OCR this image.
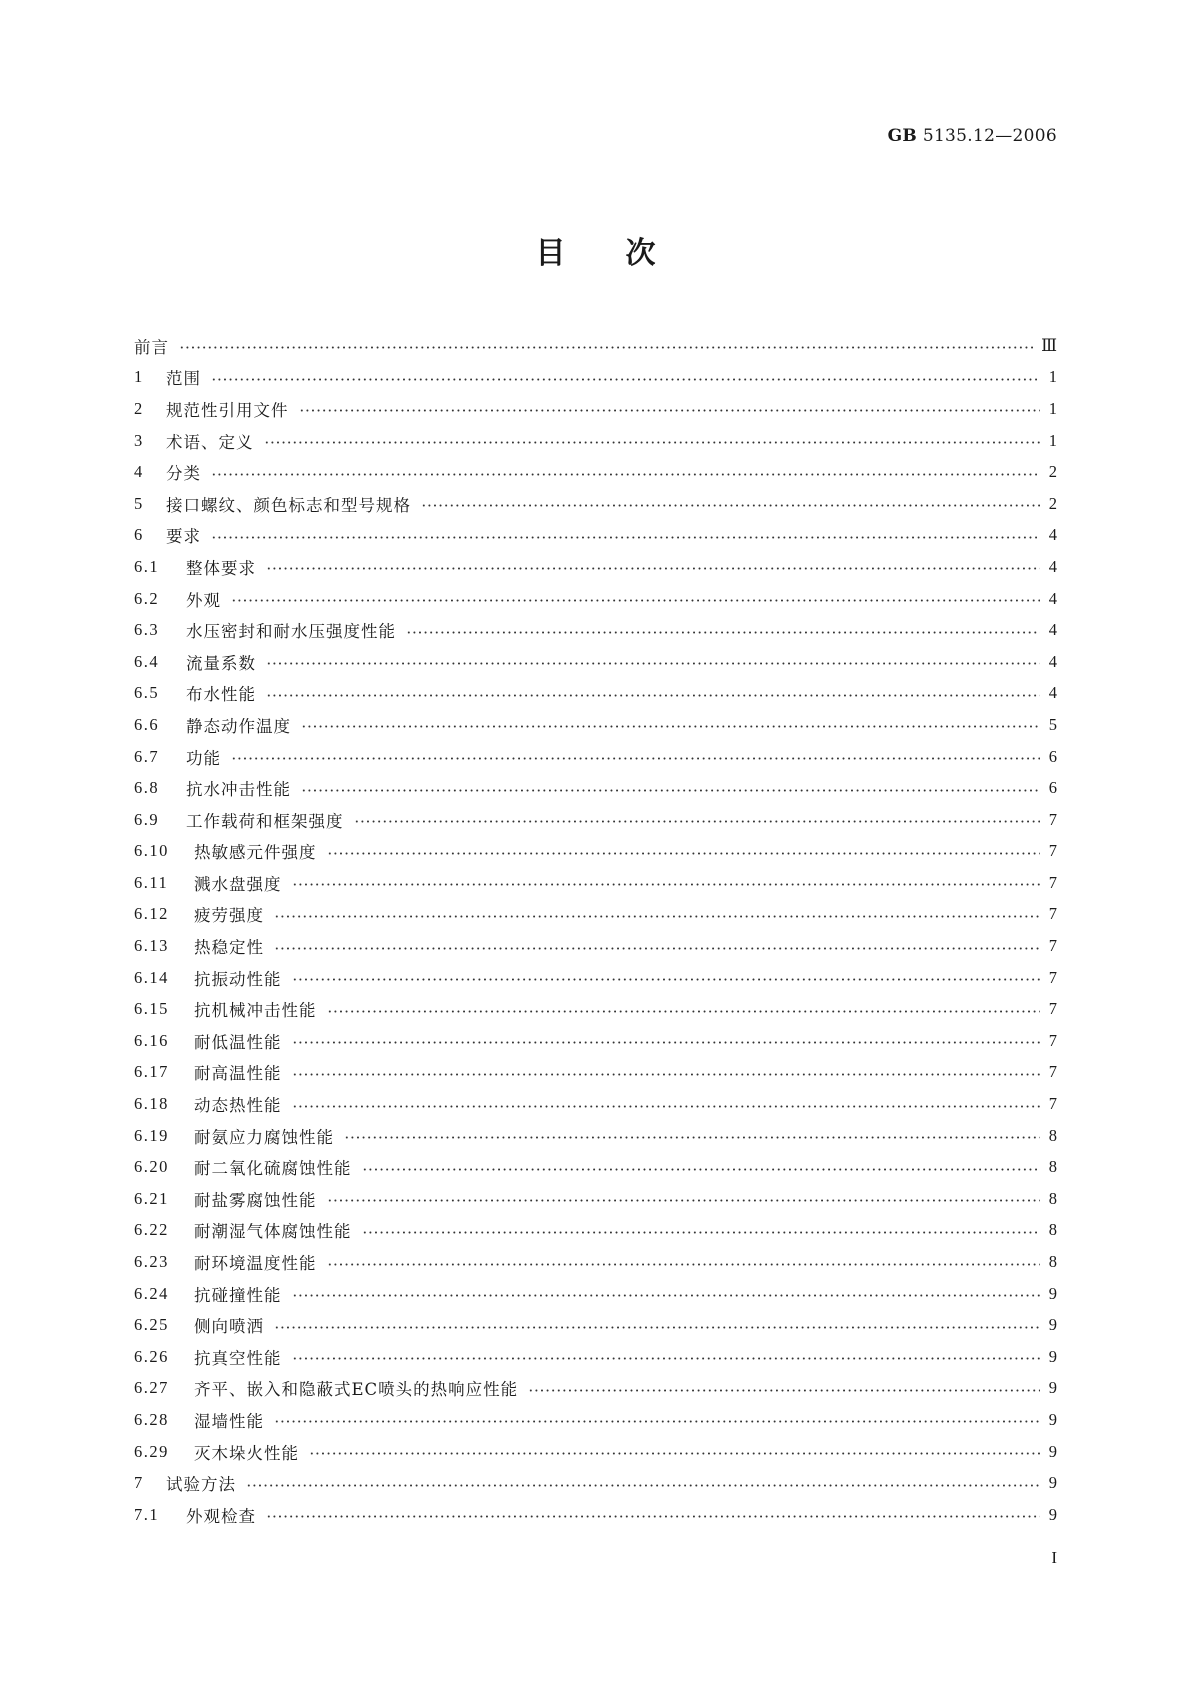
GB 5135.12—2006
目次
前言	Ⅲ
1	范围	1
2	规范性引用文件	1
3	术语、定义	1
4	分类	2
5	接口螺纹、颜色标志和型号规格	2
6	要求	4
6.1	整体要求	4
6.2	外观	4
6.3	水压密封和耐水压强度性能	4
6.4	流量系数	4
6.5	布水性能	4
6.6	静态动作温度	5
6.7	功能	6
6.8	抗水冲击性能	6
6.9	工作载荷和框架强度	7
6.10	热敏感元件强度	7
6.11	溅水盘强度	7
6.12	疲劳强度	7
6.13	热稳定性	7
6.14	抗振动性能	7
6.15	抗机械冲击性能	7
6.16	耐低温性能	7
6.17	耐高温性能	7
6.18	动态热性能	7
6.19	耐氨应力腐蚀性能	8
6.20	耐二氧化硫腐蚀性能	8
6.21	耐盐雾腐蚀性能	8
6.22	耐潮湿气体腐蚀性能	8
6.23	耐环境温度性能	8
6.24	抗碰撞性能	9
6.25	侧向喷洒	9
6.26	抗真空性能	9
6.27	齐平、嵌入和隐蔽式EC喷头的热响应性能	9
6.28	湿墙性能	9
6.29	灭木垛火性能	9
7	试验方法	9
7.1	外观检查	9
I
